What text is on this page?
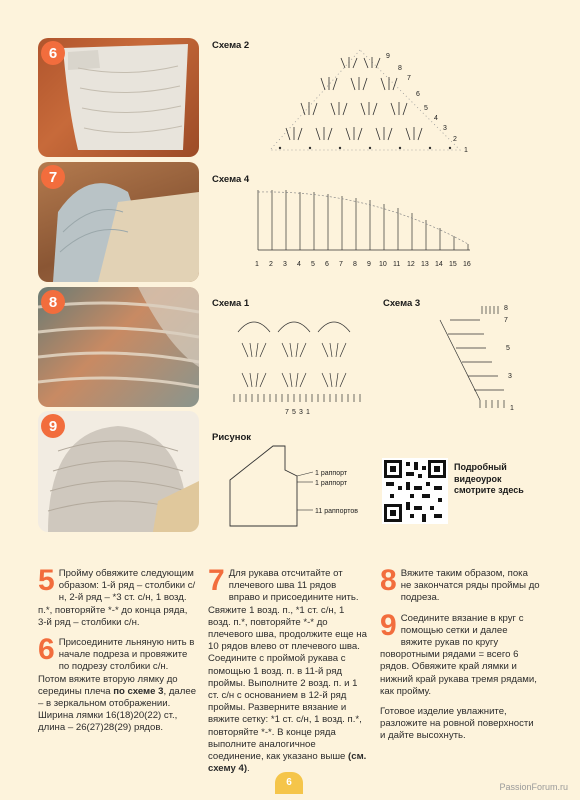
6
7
8
9
Схема 2
1
2
3
4
5
6
7
8
9
Схема 4
1 2 3 4 5 6 7 8 9 10 11 12 13 14 15 16
Схема 1
1
3
5
7
Схема 3
1
3
5
7
8
Рисунок
1 раппорт
1 раппорт
11 раппортов
Подробный видеоурок смотрите здесь
5 Пройму обвяжите следующим образом: 1-й ряд – столбики с/н, 2-й ряд – *3 ст. с/н, 1 возд. п.*, повторяйте *-* до конца ряда, 3-й ряд – столбики с/н.
6 Присоедините льняную нить в начале подреза и провяжите по подрезу столбики с/н. Потом вяжите вторую лямку до середины плеча по схеме 3, далее – в зеркальном отображении. Ширина лямки 16(18)20(22) ст., длина – 26(27)28(29) рядов.
7 Для рукава отсчитайте от плечевого шва 11 рядов вправо и присоедините нить. Свяжите 1 возд. п., *1 ст. с/н, 1 возд. п.*, повторяйте *-* до плечевого шва, продолжите еще на 10 рядов влево от плечевого шва. Соедините с проймой рукава с помощью 1 возд. п. в 11-й ряд проймы. Выполните 2 возд. п. и 1 ст. с/н с основанием в 12-й ряд проймы. Разверните вязание и вяжите сетку: *1 ст. с/н, 1 возд. п.*, повторяйте *-*. В конце ряда выполните аналогичное соединение, как указано выше (см. схему 4).
8 Вяжите таким образом, пока не закончатся ряды проймы до подреза.
9 Соедините вязание в круг с помощью сетки и далее вяжите рукав по кругу поворотными рядами = всего 6 рядов. Обвяжите край лямки и нижний край рукава тремя рядами, как пройму.
Готовое изделие увлажните, разложите на ровной поверхности и дайте высохнуть.
6	PassionForum.ru
